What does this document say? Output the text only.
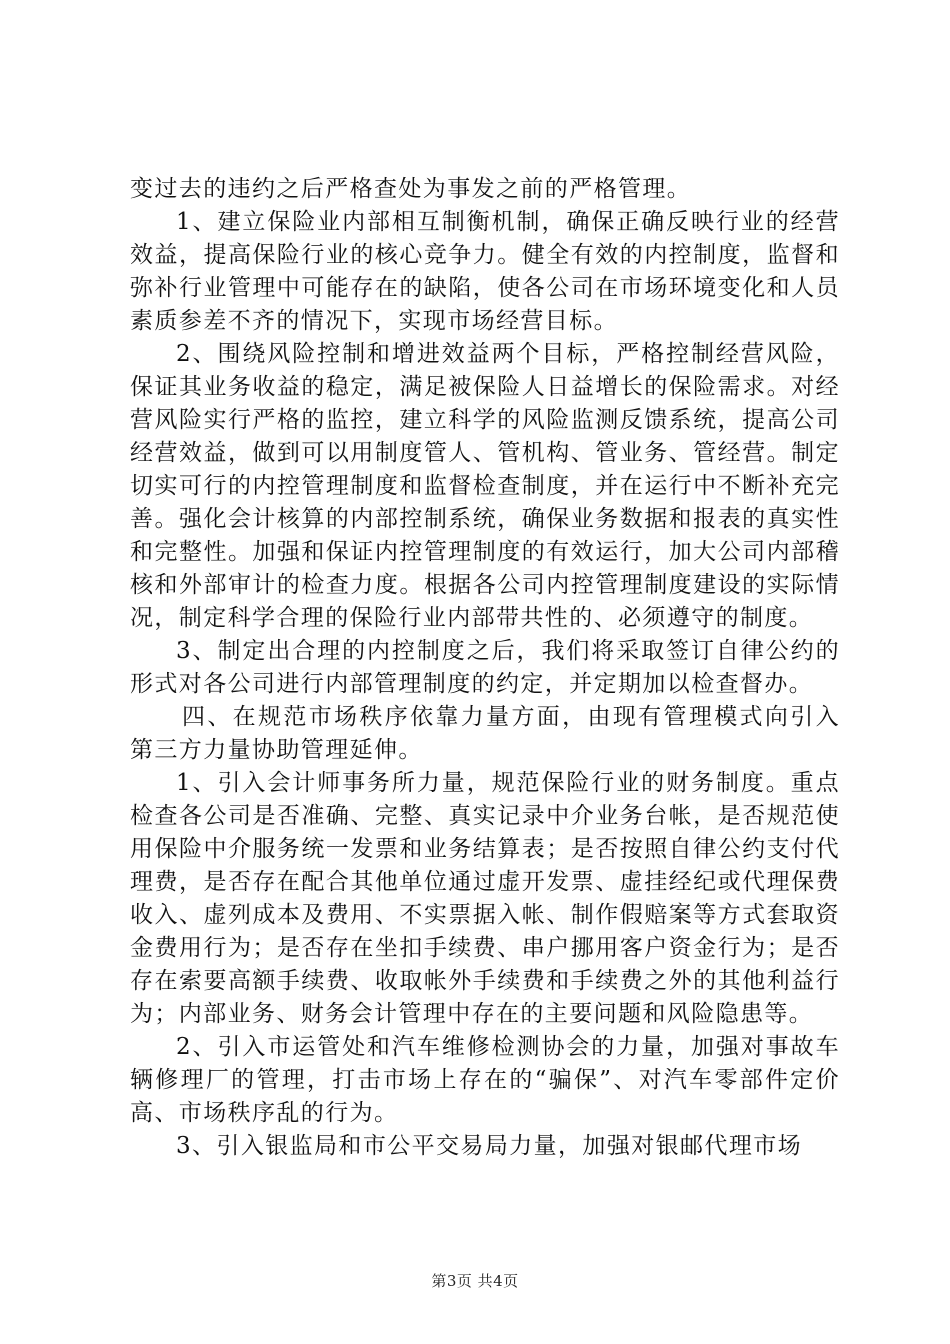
变过去的违约之后严格查处为事发之前的严格管理。

1、建立保险业内部相互制衡机制，确保正确反映行业的经营效益，提高保险行业的核心竞争力。健全有效的内控制度，监督和弥补行业管理中可能存在的缺陷，使各公司在市场环境变化和人员素质参差不齐的情况下，实现市场经营目标。

2、围绕风险控制和增进效益两个目标，严格控制经营风险，保证其业务收益的稳定，满足被保险人日益增长的保险需求。对经营风险实行严格的监控，建立科学的风险监测反馈系统，提高公司经营效益，做到可以用制度管人、管机构、管业务、管经营。制定切实可行的内控管理制度和监督检查制度，并在运行中不断补充完善。强化会计核算的内部控制系统，确保业务数据和报表的真实性和完整性。加强和保证内控管理制度的有效运行，加大公司内部稽核和外部审计的检查力度。根据各公司内控管理制度建设的实际情况，制定科学合理的保险行业内部带共性的、必须遵守的制度。

3、制定出合理的内控制度之后，我们将采取签订自律公约的形式对各公司进行内部管理制度的约定，并定期加以检查督办。

四、在规范市场秩序依靠力量方面，由现有管理模式向引入第三方力量协助管理延伸。

1、引入会计师事务所力量，规范保险行业的财务制度。重点检查各公司是否准确、完整、真实记录中介业务台帐，是否规范使用保险中介服务统一发票和业务结算表；是否按照自律公约支付代理费，是否存在配合其他单位通过虚开发票、虚挂经纪或代理保费收入、虚列成本及费用、不实票据入帐、制作假赔案等方式套取资金费用行为；是否存在坐扣手续费、串户挪用客户资金行为；是否存在索要高额手续费、收取帐外手续费和手续费之外的其他利益行为；内部业务、财务会计管理中存在的主要问题和风险隐患等。

2、引入市运管处和汽车维修检测协会的力量，加强对事故车辆修理厂的管理，打击市场上存在的“骗保”、对汽车零部件定价高、市场秩序乱的行为。

3、引入银监局和市公平交易局力量，加强对银邮代理市场

第3页 共4页
